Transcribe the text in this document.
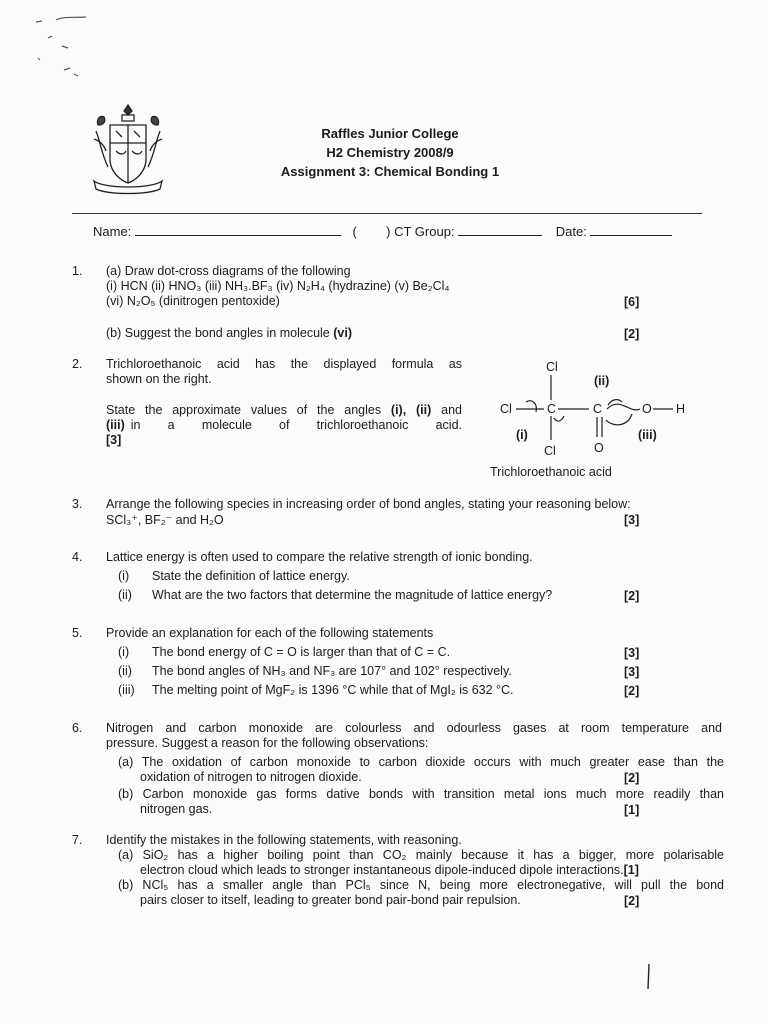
Raffles Junior College
H2 Chemistry 2008/9
Assignment 3: Chemical Bonding 1
Name:	( ) CT Group:	Date:
1. (a) Draw dot-cross diagrams of the following
(i) HCN (ii) HNO₃ (iii) NH₃.BF₃ (iv) N₂H₄ (hydrazine) (v) Be₂Cl₄
(vi) N₂O₅ (dinitrogen pentoxide)	[6]
(b) Suggest the bond angles in molecule (vi)	[2]
2. Trichloroethanoic acid has the displayed formula as
shown on the right.
State the approximate values of the angles (i), (ii) and
(iii) in a molecule of trichloroethanoic acid.
[3]
Cl
Cl	C	C	O H
Cl	O
(i)
(ii)
(iii)
Trichloroethanoic acid
3. Arrange the following species in increasing order of bond angles, stating your reasoning below:
SCl₃⁺, BF₂⁻ and H₂O	[3]
4. Lattice energy is often used to compare the relative strength of ionic bonding.
(i) State the definition of lattice energy.
(ii) What are the two factors that determine the magnitude of lattice energy?	[2]
5. Provide an explanation for each of the following statements
(i) The bond energy of C = O is larger than that of C = C.	[3]
(ii) The bond angles of NH₃ and NF₃ are 107° and 102° respectively.	[3]
(iii) The melting point of MgF₂ is 1396 °C while that of MgI₂ is 632 °C.	[2]
6. Nitrogen and carbon monoxide are colourless and odourless gases at room temperature and
pressure. Suggest a reason for the following observations:
(a) The oxidation of carbon monoxide to carbon dioxide occurs with much greater ease than the
oxidation of nitrogen to nitrogen dioxide.	[2]
(b) Carbon monoxide gas forms dative bonds with transition metal ions much more readily than
nitrogen gas.	[1]
7. Identify the mistakes in the following statements, with reasoning.
(a) SiO₂ has a higher boiling point than CO₂ mainly because it has a bigger, more polarisable
electron cloud which leads to stronger instantaneous dipole-induced dipole interactions.[1]
(b) NCl₅ has a smaller angle than PCl₅ since N, being more electronegative, will pull the bond
pairs closer to itself, leading to greater bond pair-bond pair repulsion.	[2]
